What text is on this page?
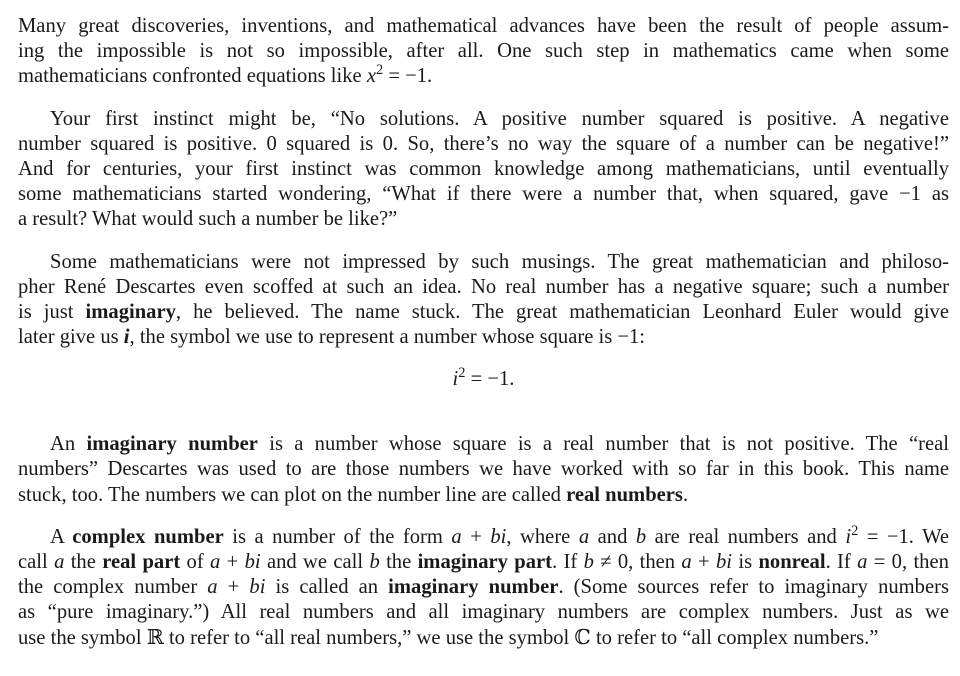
Many great discoveries, inventions, and mathematical advances have been the result of people assum-
ing the impossible is not so impossible, after all. One such step in mathematics came when some
mathematicians confronted equations like $x^2 = -1$.
Your first instinct might be, “No solutions. A positive number squared is positive. A negative
number squared is positive. 0 squared is 0. So, there’s no way the square of a number can be negative!”
And for centuries, your first instinct was common knowledge among mathematicians, until eventually
some mathematicians started wondering, “What if there were a number that, when squared, gave −1 as
a result? What would such a number be like?”
Some mathematicians were not impressed by such musings. The great mathematician and philoso-
pher René Descartes even scoffed at such an idea. No real number has a negative square; such a number
is just imaginary, he believed. The name stuck. The great mathematician Leonhard Euler would give
later give us i, the symbol we use to represent a number whose square is −1:
$i^2 = -1$.
An imaginary number is a number whose square is a real number that is not positive. The “real
numbers” Descartes was used to are those numbers we have worked with so far in this book. This name
stuck, too. The numbers we can plot on the number line are called real numbers.
A complex number is a number of the form a + bi, where a and b are real numbers and $i^2 = -1$. We
call a the real part of a + bi and we call b the imaginary part. If b ≠ 0, then a + bi is nonreal. If a = 0, then
the complex number a + bi is called an imaginary number. (Some sources refer to imaginary numbers
as “pure imaginary.”) All real numbers and all imaginary numbers are complex numbers. Just as we
use the symbol ℝ to refer to “all real numbers,” we use the symbol ℂ to refer to “all complex numbers.”
